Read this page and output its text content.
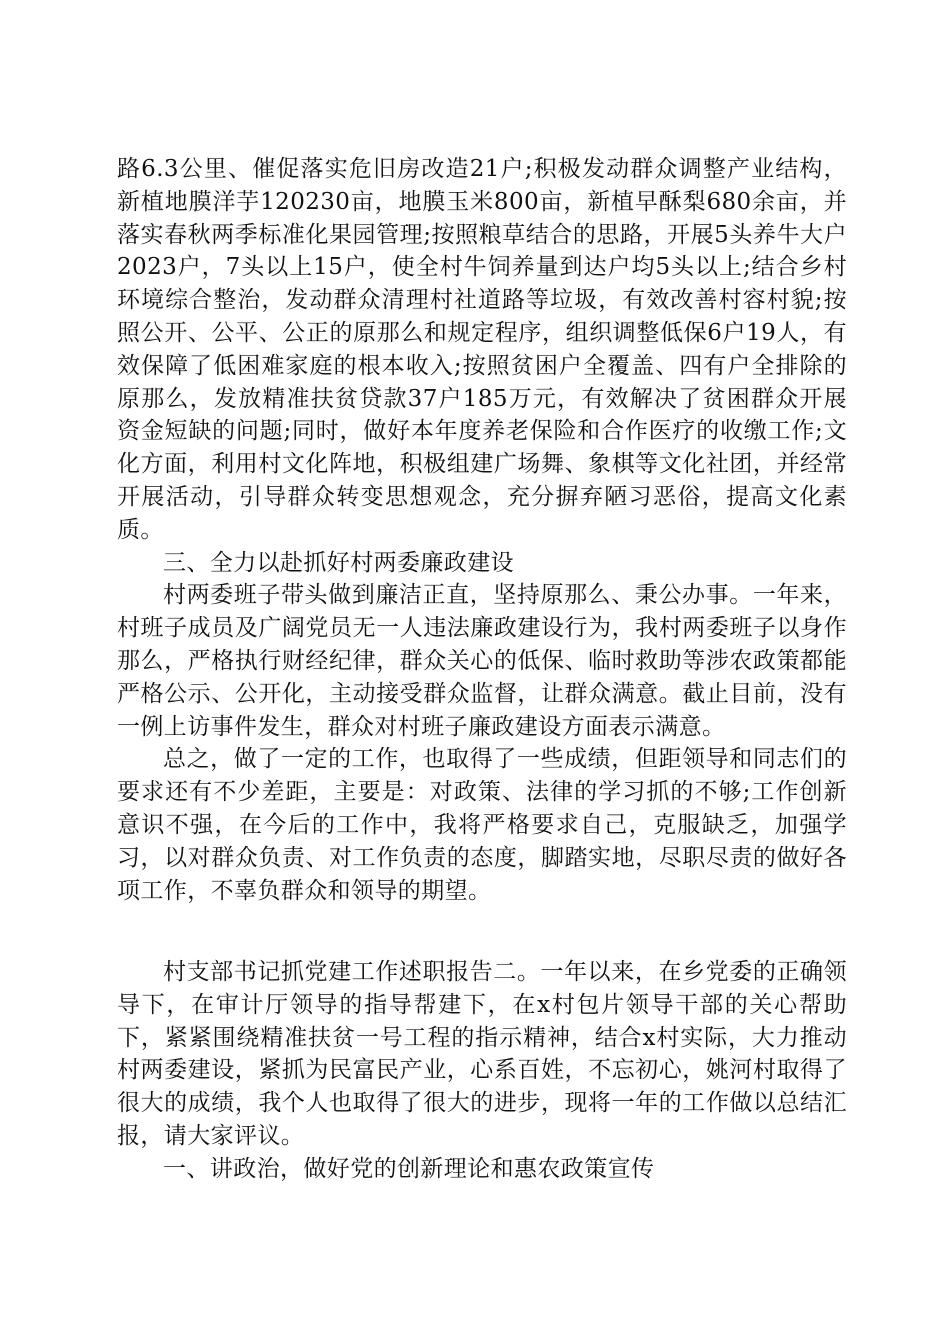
路6.3公里、催促落实危旧房改造21户;积极发动群众调整产业结构，新植地膜洋芋120230亩，地膜玉米800亩，新植早酥梨680余亩，并落实春秋两季标准化果园管理;按照粮草结合的思路，开展5头养牛大户2023户，7头以上15户，使全村牛饲养量到达户均5头以上;结合乡村环境综合整治，发动群众清理村社道路等垃圾，有效改善村容村貌;按照公开、公平、公正的原那么和规定程序，组织调整低保6户19人，有效保障了低困难家庭的根本收入;按照贫困户全覆盖、四有户全排除的原那么，发放精准扶贫贷款37户185万元，有效解决了贫困群众开展资金短缺的问题;同时，做好本年度养老保险和合作医疗的收缴工作;文化方面，利用村文化阵地，积极组建广场舞、象棋等文化社团，并经常开展活动，引导群众转变思想观念，充分摒弃陋习恶俗，提高文化素质。

三、全力以赴抓好村两委廉政建设

村两委班子带头做到廉洁正直，坚持原那么、秉公办事。一年来，村班子成员及广阔党员无一人违法廉政建设行为，我村两委班子以身作那么，严格执行财经纪律，群众关心的低保、临时救助等涉农政策都能严格公示、公开化，主动接受群众监督，让群众满意。截止目前，没有一例上访事件发生，群众对村班子廉政建设方面表示满意。

总之，做了一定的工作，也取得了一些成绩，但距领导和同志们的要求还有不少差距，主要是：对政策、法律的学习抓的不够;工作创新意识不强，在今后的工作中，我将严格要求自己，克服缺乏，加强学习，以对群众负责、对工作负责的态度，脚踏实地，尽职尽责的做好各项工作，不辜负群众和领导的期望。

村支部书记抓党建工作述职报告二。一年以来，在乡党委的正确领导下，在审计厅领导的指导帮建下，在x村包片领导干部的关心帮助下，紧紧围绕精准扶贫一号工程的指示精神，结合x村实际，大力推动村两委建设，紧抓为民富民产业，心系百姓，不忘初心，姚河村取得了很大的成绩，我个人也取得了很大的进步，现将一年的工作做以总结汇报，请大家评议。

一、讲政治，做好党的创新理论和惠农政策宣传
